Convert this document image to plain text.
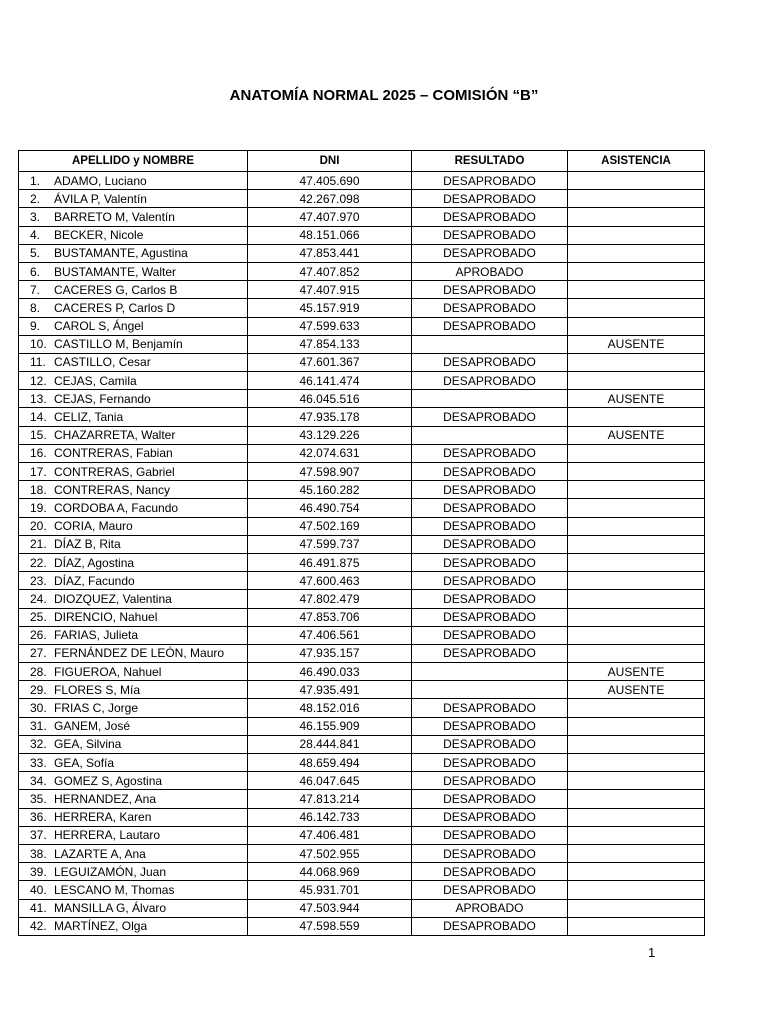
ANATOMÍA NORMAL 2025 – COMISIÓN “B”
APELLIDO y NOMBRE	DNI	RESULTADO	ASISTENCIA
1. ADAMO, Luciano	47.405.690	DESAPROBADO	
2. ÁVILA P, Valentín	42.267.098	DESAPROBADO	
3. BARRETO M, Valentín	47.407.970	DESAPROBADO	
4. BECKER, Nicole	48.151.066	DESAPROBADO	
5. BUSTAMANTE, Agustina	47.853.441	DESAPROBADO	
6. BUSTAMANTE, Walter	47.407.852	APROBADO	
7. CACERES G, Carlos B	47.407.915	DESAPROBADO	
8. CACERES P, Carlos D	45.157.919	DESAPROBADO	
9. CAROL S, Ángel	47.599.633	DESAPROBADO	
10. CASTILLO M, Benjamín	47.854.133		AUSENTE
11. CASTILLO, Cesar	47.601.367	DESAPROBADO	
12. CEJAS, Camila	46.141.474	DESAPROBADO	
13. CEJAS, Fernando	46.045.516		AUSENTE
14. CELIZ, Tania	47.935.178	DESAPROBADO	
15. CHAZARRETA, Walter	43.129.226		AUSENTE
16. CONTRERAS, Fabian	42.074.631	DESAPROBADO	
17. CONTRERAS, Gabriel	47.598.907	DESAPROBADO	
18. CONTRERAS, Nancy	45.160.282	DESAPROBADO	
19. CORDOBA A, Facundo	46.490.754	DESAPROBADO	
20. CORIA, Mauro	47.502.169	DESAPROBADO	
21. DÍAZ B, Rita	47.599.737	DESAPROBADO	
22. DÍAZ, Agostina	46.491.875	DESAPROBADO	
23. DÍAZ, Facundo	47.600.463	DESAPROBADO	
24. DIOZQUEZ, Valentina	47.802.479	DESAPROBADO	
25. DIRENCIO, Nahuel	47.853.706	DESAPROBADO	
26. FARIAS, Julieta	47.406.561	DESAPROBADO	
27. FERNÁNDEZ DE LEÓN, Mauro	47.935.157	DESAPROBADO	
28. FIGUEROA, Nahuel	46.490.033		AUSENTE
29. FLORES S, Mía	47.935.491		AUSENTE
30. FRIAS C, Jorge	48.152.016	DESAPROBADO	
31. GANEM, José	46.155.909	DESAPROBADO	
32. GEA, Silvina	28.444.841	DESAPROBADO	
33. GEA, Sofía	48.659.494	DESAPROBADO	
34. GOMEZ S, Agostina	46.047.645	DESAPROBADO	
35. HERNANDEZ, Ana	47.813.214	DESAPROBADO	
36. HERRERA, Karen	46.142.733	DESAPROBADO	
37. HERRERA, Lautaro	47.406.481	DESAPROBADO	
38. LAZARTE A, Ana	47.502.955	DESAPROBADO	
39. LEGUIZAMÓN, Juan	44.068.969	DESAPROBADO	
40. LESCANO M, Thomas	45.931.701	DESAPROBADO	
41. MANSILLA G, Álvaro	47.503.944	APROBADO	
42. MARTÍNEZ, Olga	47.598.559	DESAPROBADO	
1
